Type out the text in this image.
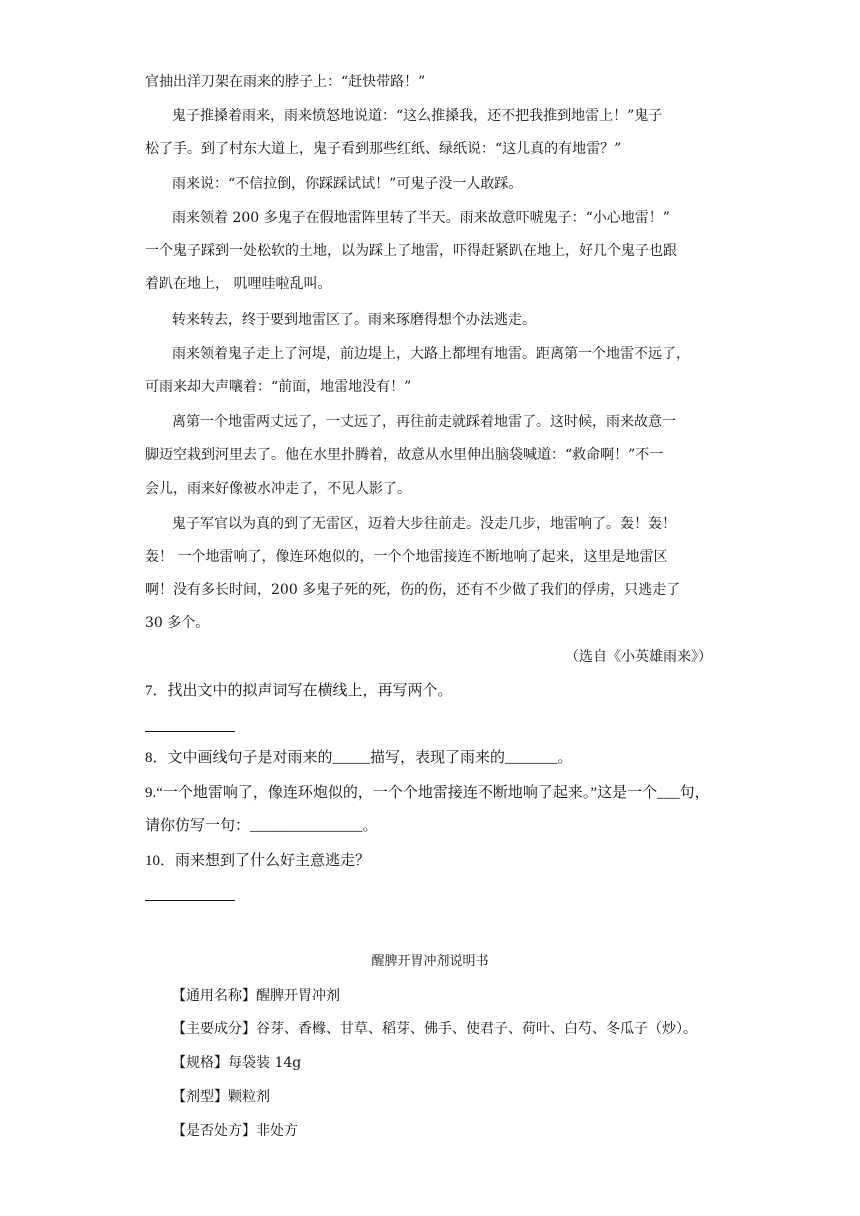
官抽出洋刀架在雨来的脖子上：“赶快带路！”
鬼子推搡着雨来，雨来愤怒地说道：“这么推搡我，还不把我推到地雷上！”鬼子
松了手。到了村东大道上，鬼子看到那些红纸、绿纸说：“这儿真的有地雷？”
雨来说：“不信拉倒，你踩踩试试！”可鬼子没一人敢踩。
雨来领着 200 多鬼子在假地雷阵里转了半天。雨来故意吓唬鬼子：“小心地雷！”
一个鬼子踩到一处松软的土地，以为踩上了地雷，吓得赶紧趴在地上，好几个鬼子也跟
着趴在地上， 叽哩哇啦乱叫。
转来转去，终于要到地雷区了。雨来琢磨得想个办法逃走。
雨来领着鬼子走上了河堤，前边堤上，大路上都埋有地雷。距离第一个地雷不远了，
可雨来却大声嚷着：“前面，地雷地没有！”
离第一个地雷两丈远了，一丈远了，再往前走就踩着地雷了。这时候，雨来故意一
脚迈空栽到河里去了。他在水里扑腾着，故意从水里伸出脑袋喊道：“救命啊！”不一
会儿，雨来好像被水冲走了，不见人影了。
鬼子军官以为真的到了无雷区，迈着大步往前走。没走几步，地雷响了。轰！轰！
轰！ 一个地雷响了，像连环炮似的，一个个地雷接连不断地响了起来，这里是地雷区
啊！没有多长时间，200 多鬼子死的死，伤的伤，还有不少做了我们的俘虏，只逃走了
30 多个。
（选自《小英雄雨来》）
7．找出文中的拟声词写在横线上，再写两个。
8．文中画线句子是对雨来的_____描写，表现了雨来的_______。
9.“一个地雷响了，像连环炮似的，一个个地雷接连不断地响了起来。”这是一个___句，
请你仿写一句：_______________。
10．雨来想到了什么好主意逃走？
醒脾开胃冲剂说明书
【通用名称】醒脾开胃冲剂
【主要成分】谷芽、香橼、甘草、稻芽、佛手、使君子、荷叶、白芍、冬瓜子（炒）。
【规格】每袋装 14g
【剂型】颗粒剂
【是否处方】非处方
